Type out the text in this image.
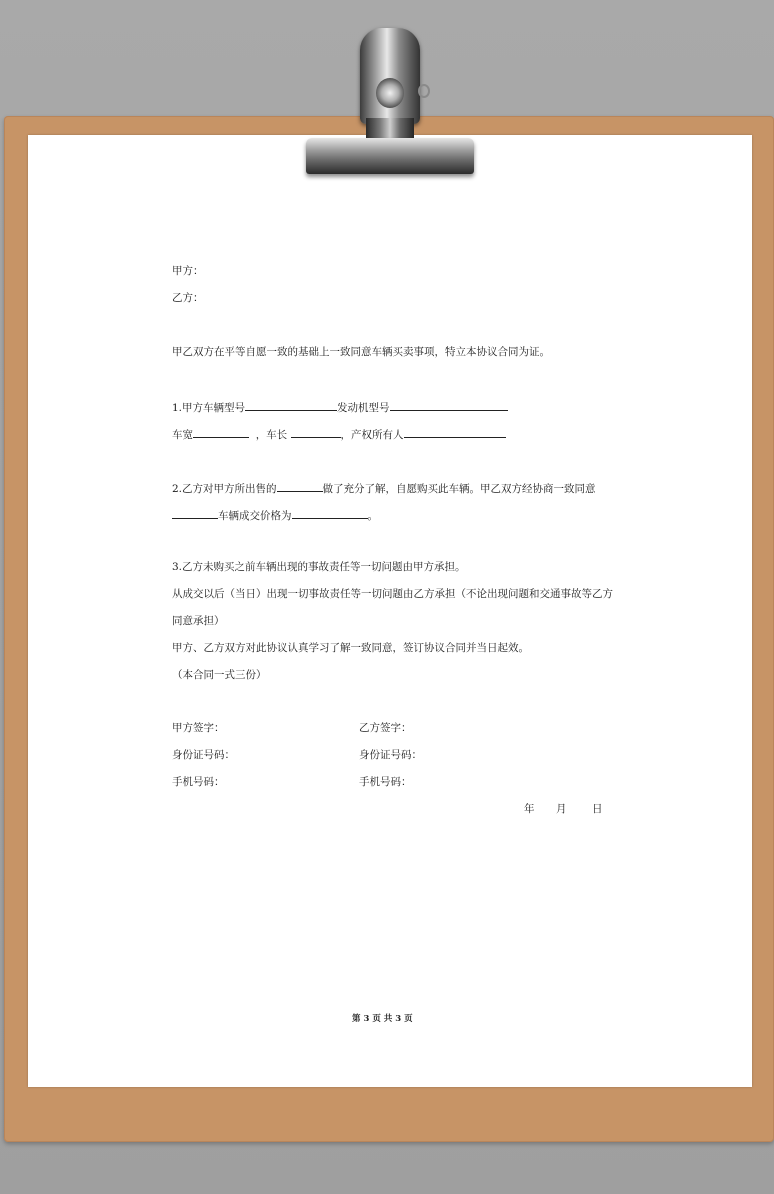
甲方：
乙方：
甲乙双方在平等自愿一致的基础上一致同意车辆买卖事项，特立本协议合同为证。
1.甲方车辆型号	发动机型号
车宽	，车长	，产权所有人
2.乙方对甲方所出售的	做了充分了解，自愿购买此车辆。甲乙双方经协商一致同意
车辆成交价格为	。
3.乙方未购买之前车辆出现的事故责任等一切问题由甲方承担。
从成交以后（当日）出现一切事故责任等一切问题由乙方承担（不论出现问题和交通事故等乙方
同意承担）
甲方、乙方双方对此协议认真学习了解一致同意，签订协议合同并当日起效。
（本合同一式三份）
甲方签字：	乙方签字：
身份证号码：	身份证号码：
手机号码：	手机号码：
年 月 日
第 3 页 共 3 页
